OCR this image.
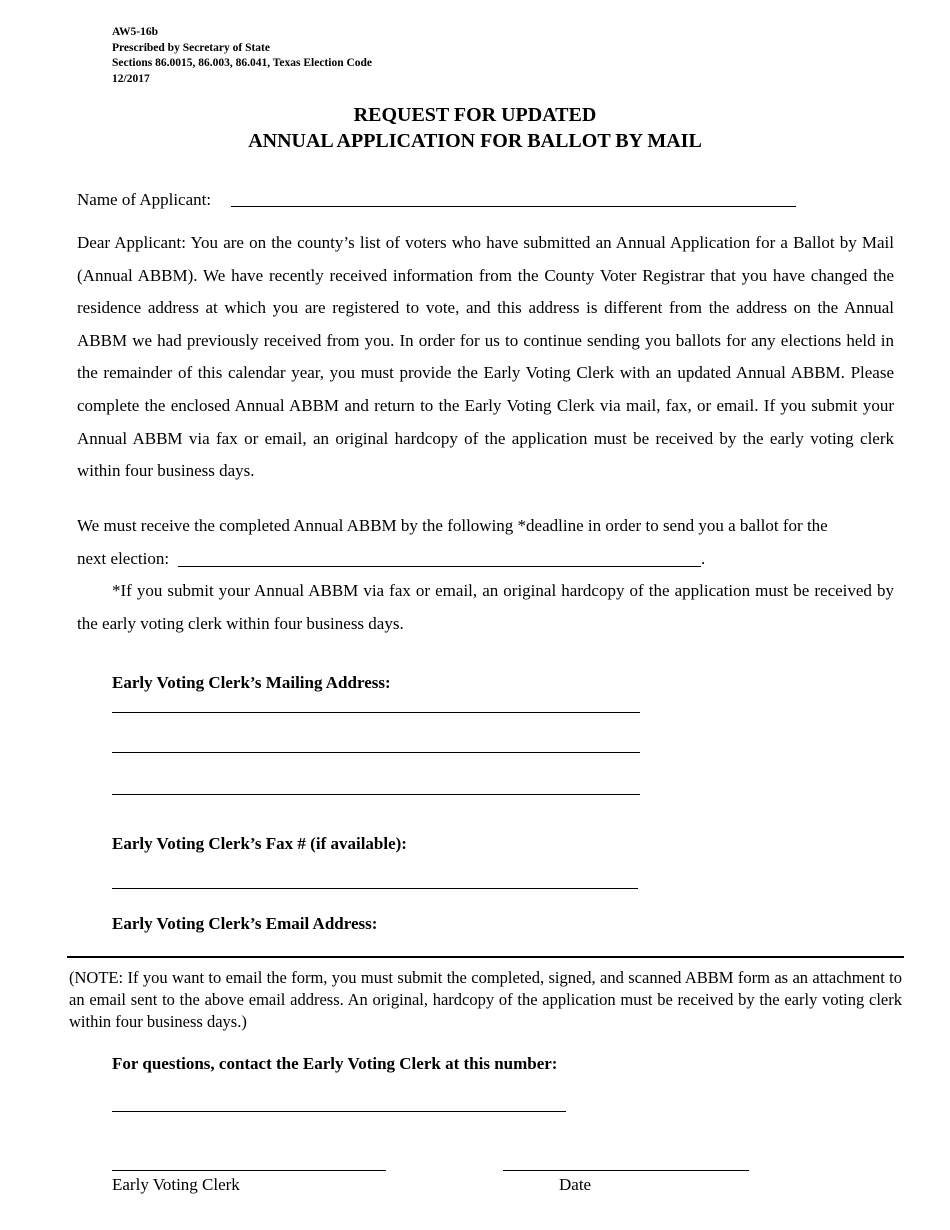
AW5-16b
Prescribed by Secretary of State
Sections 86.0015, 86.003, 86.041, Texas Election Code
12/2017
REQUEST FOR UPDATED
ANNUAL APPLICATION FOR BALLOT BY MAIL
Name of Applicant:
Dear Applicant: You are on the county’s list of voters who have submitted an Annual Application for a Ballot by Mail (Annual ABBM). We have recently received information from the County Voter Registrar that you have changed the residence address at which you are registered to vote, and this address is different from the address on the Annual ABBM we had previously received from you. In order for us to continue sending you ballots for any elections held in the remainder of this calendar year, you must provide the Early Voting Clerk with an updated Annual ABBM. Please complete the enclosed Annual ABBM and return to the Early Voting Clerk via mail, fax, or email. If you submit your Annual ABBM via fax or email, an original hardcopy of the application must be received by the early voting clerk within four business days.
We must receive the completed Annual ABBM by the following *deadline in order to send you a ballot for the
next election:	.
*If you submit your Annual ABBM via fax or email, an original hardcopy of the application must be received by the early voting clerk within four business days.
Early Voting Clerk’s Mailing Address:
Early Voting Clerk’s Fax # (if available):
Early Voting Clerk’s Email Address:
(NOTE: If you want to email the form, you must submit the completed, signed, and scanned ABBM form as an attachment to an email sent to the above email address. An original, hardcopy of the application must be received by the early voting clerk within four business days.)
For questions, contact the Early Voting Clerk at this number:
Early Voting Clerk	Date
